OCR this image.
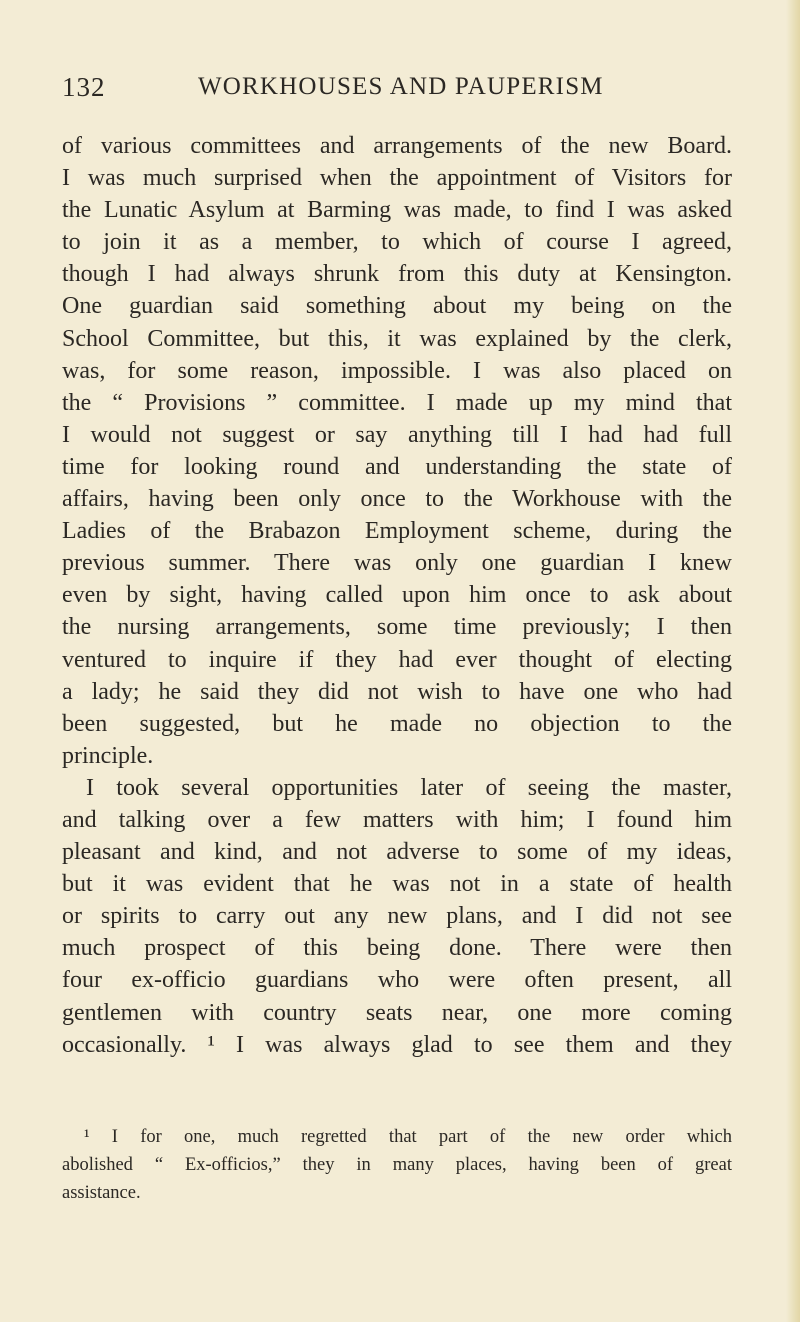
132	WORKHOUSES AND PAUPERISM
of various committees and arrangements of the new Board.
I was much surprised when the appointment of Visitors for
the Lunatic Asylum at Barming was made, to find I was asked
to join it as a member, to which of course I agreed,
though I had always shrunk from this duty at Kensington.
One guardian said something about my being on the
School Committee, but this, it was explained by the clerk,
was, for some reason, impossible. I was also placed on
the “ Provisions ” committee. I made up my mind that
I would not suggest or say anything till I had had full
time for looking round and understanding the state of
affairs, having been only once to the Workhouse with the
Ladies of the Brabazon Employment scheme, during the
previous summer. There was only one guardian I knew
even by sight, having called upon him once to ask about
the nursing arrangements, some time previously; I then
ventured to inquire if they had ever thought of electing
a lady; he said they did not wish to have one who had
been suggested, but he made no objection to the
principle.
I took several opportunities later of seeing the master,
and talking over a few matters with him; I found him
pleasant and kind, and not adverse to some of my ideas,
but it was evident that he was not in a state of health
or spirits to carry out any new plans, and I did not see
much prospect of this being done. There were then
four ex-officio guardians who were often present, all
gentlemen with country seats near, one more coming
occasionally. ¹ I was always glad to see them and they
¹ I for one, much regretted that part of the new order which
abolished “ Ex-officios,” they in many places, having been of great
assistance.
